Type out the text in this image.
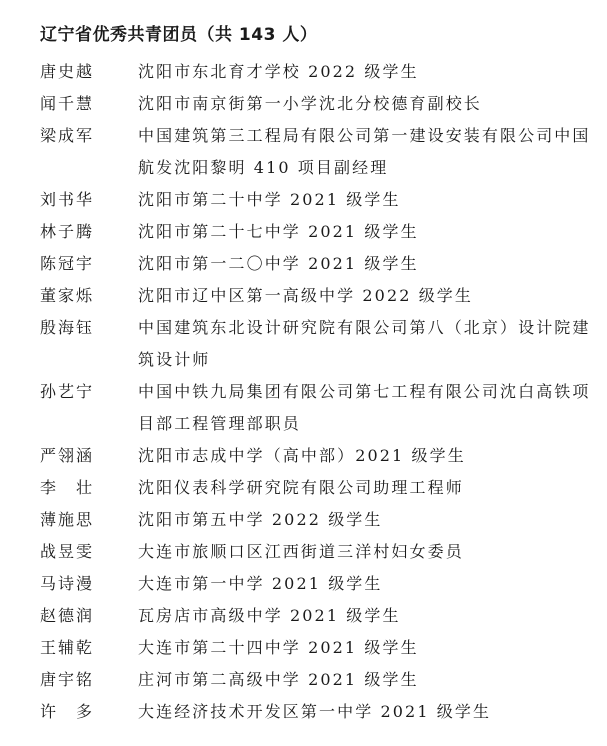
辽宁省优秀共青团员（共 143 人）
唐史越	沈阳市东北育才学校 2022 级学生
闻千慧	沈阳市南京街第一小学沈北分校德育副校长
梁成军	中国建筑第三工程局有限公司第一建设安装有限公司中国航发沈阳黎明 410 项目副经理
刘书华	沈阳市第二十中学 2021 级学生
林子腾	沈阳市第二十七中学 2021 级学生
陈冠宇	沈阳市第一二〇中学 2021 级学生
董家烁	沈阳市辽中区第一高级中学 2022 级学生
殷海钰	中国建筑东北设计研究院有限公司第八（北京）设计院建筑设计师
孙艺宁	中国中铁九局集团有限公司第七工程有限公司沈白高铁项目部工程管理部职员
严翎涵	沈阳市志成中学（高中部）2021 级学生
李　壮	沈阳仪表科学研究院有限公司助理工程师
薄施思	沈阳市第五中学 2022 级学生
战昱雯	大连市旅顺口区江西街道三洋村妇女委员
马诗漫	大连市第一中学 2021 级学生
赵德润	瓦房店市高级中学 2021 级学生
王辅乾	大连市第二十四中学 2021 级学生
唐宇铭	庄河市第二高级中学 2021 级学生
许　多	大连经济技术开发区第一中学 2021 级学生
